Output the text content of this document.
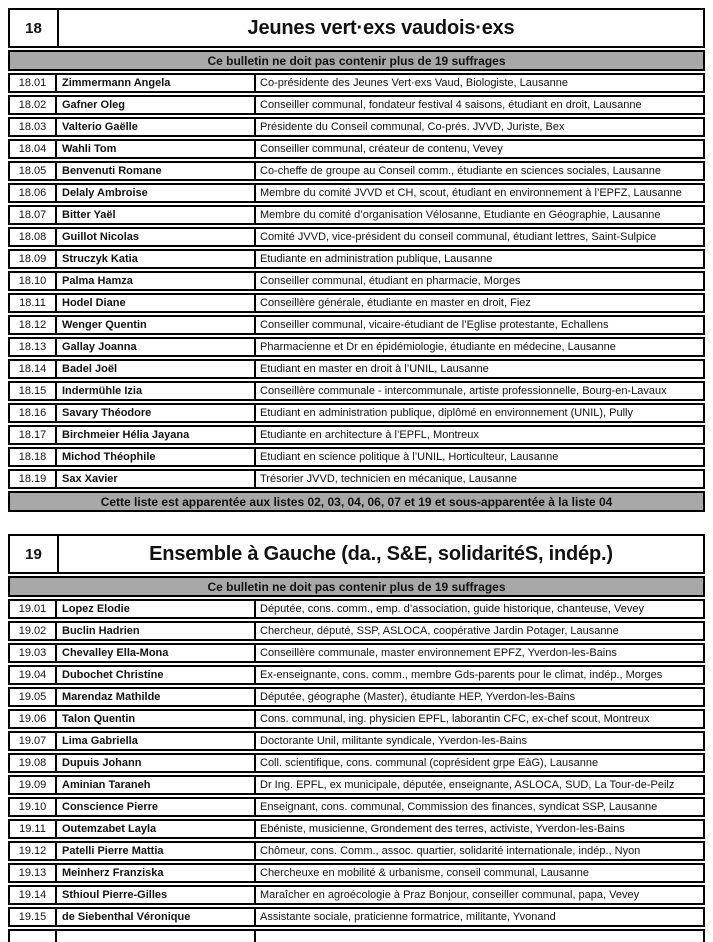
18	Jeunes vert·exs vaudois·exs
Ce bulletin ne doit pas contenir plus de 19 suffrages
18.01	Zimmermann Angela	Co-présidente des Jeunes Vert·exs Vaud, Biologiste, Lausanne
18.02	Gafner Oleg	Conseiller communal, fondateur festival 4 saisons, étudiant en droit, Lausanne
18.03	Valterio Gaëlle	Présidente du Conseil communal, Co-prés. JVVD, Juriste, Bex
18.04	Wahli Tom	Conseiller communal, créateur de contenu, Vevey
18.05	Benvenuti Romane	Co-cheffe de groupe au Conseil comm., étudiante en sciences sociales, Lausanne
18.06	Delaly Ambroise	Membre du comité JVVD et CH, scout, étudiant en environnement à l’EPFZ, Lausanne
18.07	Bitter Yaël	Membre du comité d’organisation Vélosanne, Etudiante en Géographie, Lausanne
18.08	Guillot Nicolas	Comité JVVD, vice-président du conseil communal, étudiant lettres, Saint-Sulpice
18.09	Struczyk Katia	Etudiante en administration publique, Lausanne
18.10	Palma Hamza	Conseiller communal, étudiant en pharmacie, Morges
18.11	Hodel Diane	Conseillère générale, étudiante en master en droit, Fiez
18.12	Wenger Quentin	Conseiller communal, vicaire-étudiant de l’Eglise protestante, Echallens
18.13	Gallay Joanna	Pharmacienne et Dr en épidémiologie, étudiante en médecine, Lausanne
18.14	Badel Joël	Etudiant en master en droit à l’UNIL, Lausanne
18.15	Indermühle Izia	Conseillère communale - intercommunale, artiste professionnelle, Bourg-en-Lavaux
18.16	Savary Théodore	Etudiant en administration publique, diplômé en environnement (UNIL), Pully
18.17	Birchmeier Hélia Jayana	Etudiante en architecture à l’EPFL, Montreux
18.18	Michod Théophile	Etudiant en science politique à l’UNIL, Horticulteur, Lausanne
18.19	Sax Xavier	Trésorier JVVD, technicien en mécanique, Lausanne
Cette liste est apparentée aux listes 02, 03, 04, 06, 07 et 19 et sous-apparentée à la liste 04
19	Ensemble à Gauche (da., S&E, solidaritéS, indép.)
Ce bulletin ne doit pas contenir plus de 19 suffrages
19.01	Lopez Elodie	Députée, cons. comm., emp. d’association, guide historique, chanteuse, Vevey
19.02	Buclin Hadrien	Chercheur, député, SSP, ASLOCA, coopérative Jardin Potager, Lausanne
19.03	Chevalley Ella-Mona	Conseillère communale, master environnement EPFZ, Yverdon-les-Bains
19.04	Dubochet Christine	Ex-enseignante, cons. comm., membre Gds-parents pour le climat, indép., Morges
19.05	Marendaz Mathilde	Députée, géographe (Master), étudiante HEP, Yverdon-les-Bains
19.06	Talon Quentin	Cons. communal, ing. physicien EPFL, laborantin CFC, ex-chef scout, Montreux
19.07	Lima Gabriella	Doctorante Unil, militante syndicale, Yverdon-les-Bains
19.08	Dupuis Johann	Coll. scientifique, cons. communal (coprésident grpe EàG), Lausanne
19.09	Aminian Taraneh	Dr Ing. EPFL, ex municipale, députée, enseignante, ASLOCA, SUD, La Tour-de-Peilz
19.10	Conscience Pierre	Enseignant, cons. communal, Commission des finances, syndicat SSP, Lausanne
19.11	Outemzabet Layla	Ebéniste, musicienne, Grondement des terres, activiste, Yverdon-les-Bains
19.12	Patelli Pierre Mattia	Chômeur, cons. Comm., assoc. quartier, solidarité internationale, indép., Nyon
19.13	Meinherz Franziska	Chercheuxe en mobilité & urbanisme, conseil communal, Lausanne
19.14	Sthioul Pierre-Gilles	Maraîcher en agroécologie à Praz Bonjour, conseiller communal, papa, Vevey
19.15	de Siebenthal Véronique	Assistante sociale, praticienne formatrice, militante, Yvonand
